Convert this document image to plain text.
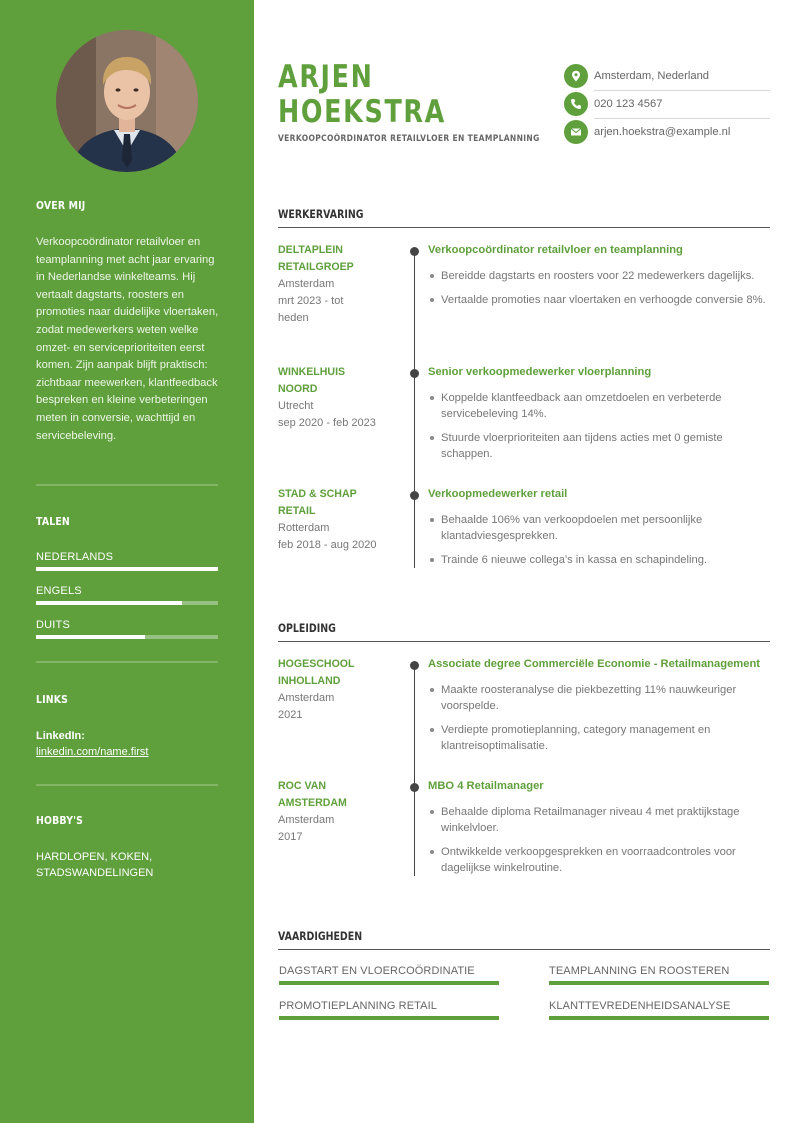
OVER MIJ
Verkoopcoördinator retailvloer en teamplanning met acht jaar ervaring in Nederlandse winkelteams. Hij vertaalt dagstarts, roosters en promoties naar duidelijke vloertaken, zodat medewerkers weten welke omzet- en serviceprioriteiten eerst komen. Zijn aanpak blijft praktisch: zichtbaar meewerken, klantfeedback bespreken en kleine verbeteringen meten in conversie, wachttijd en servicebeleving.
TALEN
NEDERLANDS
ENGELS
DUITS
LINKS
LinkedIn:
linkedin.com/name.first
HOBBY'S
HARDLOPEN, KOKEN, STADSWANDELINGEN
ARJEN
HOEKSTRA
VERKOOPCOÖRDINATOR RETAILVLOER EN TEAMPLANNING
Amsterdam, Nederland
020 123 4567
arjen.hoekstra@example.nl
WERKERVARING
DELTAPLEIN
RETAILGROEP
Amsterdam
mrt 2023 - tot
heden
Verkoopcoördinator retailvloer en teamplanning
Bereidde dagstarts en roosters voor 22 medewerkers dagelijks.
Vertaalde promoties naar vloertaken en verhoogde conversie 8%.
WINKELHUIS
NOORD
Utrecht
sep 2020 - feb 2023
Senior verkoopmedewerker vloerplanning
Koppelde klantfeedback aan omzetdoelen en verbeterde servicebeleving 14%.
Stuurde vloerprioriteiten aan tijdens acties met 0 gemiste schappen.
STAD & SCHAP
RETAIL
Rotterdam
feb 2018 - aug 2020
Verkoopmedewerker retail
Behaalde 106% van verkoopdoelen met persoonlijke klantadviesgesprekken.
Trainde 6 nieuwe collega's in kassa en schapindeling.
OPLEIDING
HOGESCHOOL
INHOLLAND
Amsterdam
2021
Associate degree Commerciële Economie - Retailmanagement
Maakte roosteranalyse die piekbezetting 11% nauwkeuriger voorspelde.
Verdiepte promotieplanning, category management en klantreisoptimalisatie.
ROC VAN
AMSTERDAM
Amsterdam
2017
MBO 4 Retailmanager
Behaalde diploma Retailmanager niveau 4 met praktijkstage winkelvloer.
Ontwikkelde verkoopgesprekken en voorraadcontroles voor dagelijkse winkelroutine.
VAARDIGHEDEN
DAGSTART EN VLOERCOÖRDINATIE	TEAMPLANNING EN ROOSTEREN
PROMOTIEPLANNING RETAIL	KLANTTEVREDENHEIDSANALYSE
